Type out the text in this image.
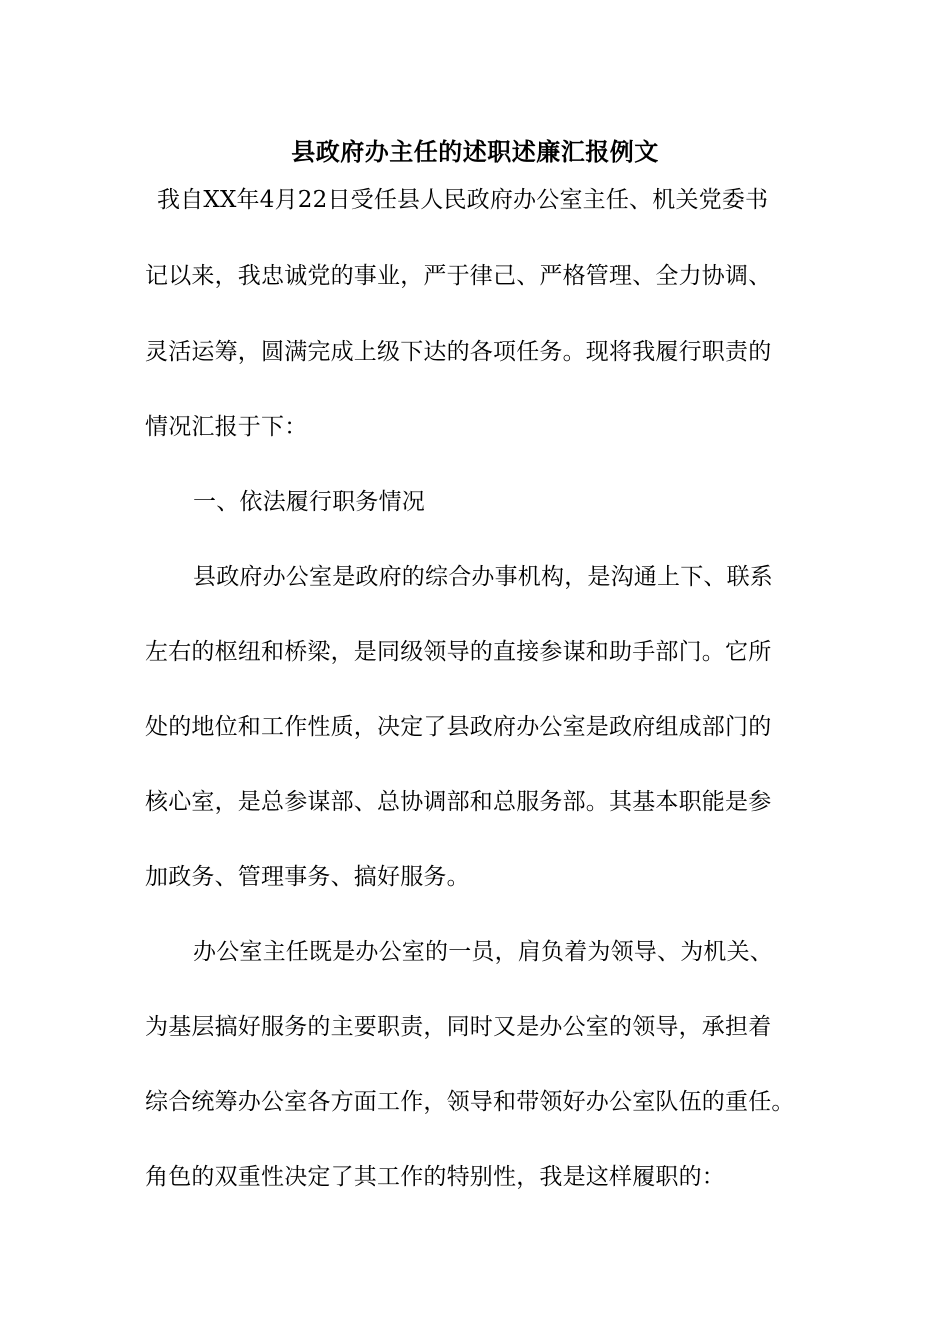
县政府办主任的述职述廉汇报例文
我自XX年4月22日受任县人民政府办公室主任、机关党委书
记以来，我忠诚党的事业，严于律己、严格管理、全力协调、
灵活运筹，圆满完成上级下达的各项任务。现将我履行职责的
情况汇报于下：
一、依法履行职务情况
县政府办公室是政府的综合办事机构，是沟通上下、联系
左右的枢纽和桥梁，是同级领导的直接参谋和助手部门。它所
处的地位和工作性质，决定了县政府办公室是政府组成部门的
核心室，是总参谋部、总协调部和总服务部。其基本职能是参
加政务、管理事务、搞好服务。
办公室主任既是办公室的一员，肩负着为领导、为机关、
为基层搞好服务的主要职责，同时又是办公室的领导，承担着
综合统筹办公室各方面工作，领导和带领好办公室队伍的重任。
角色的双重性决定了其工作的特别性，我是这样履职的：
